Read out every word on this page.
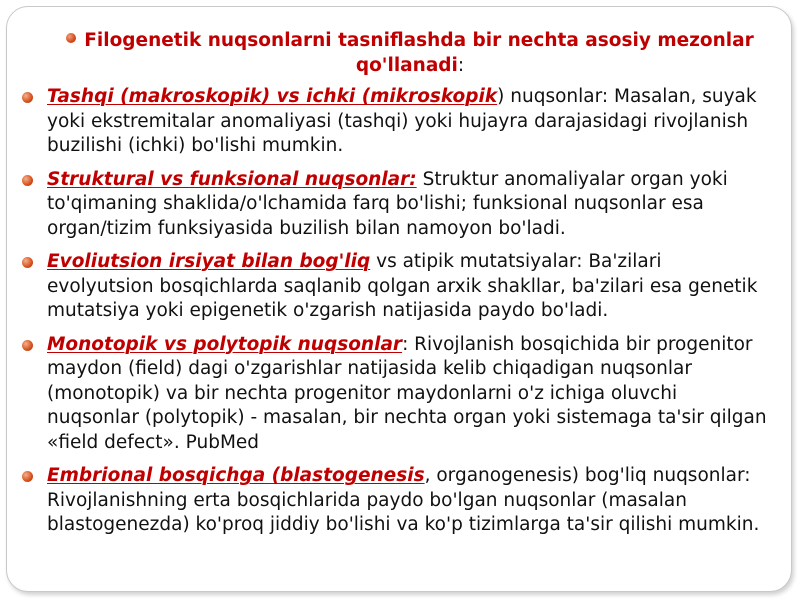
Filogenetik nuqsonlarni tasniflashda bir nechta asosiy mezonlar qo'llanadi:
Tashqi (makroskopik) vs ichki (mikroskopik) nuqsonlar: Masalan, suyak yoki ekstremitalar anomaliyasi (tashqi) yoki hujayra darajasidagi rivojlanish buzilishi (ichki) bo'lishi mumkin.
Struktural vs funksional nuqsonlar: Struktur anomaliyalar organ yoki to'qimaning shaklida/o'lchamida farq bo'lishi; funksional nuqsonlar esa organ/tizim funksiyasida buzilish bilan namoyon bo'ladi.
Evoliutsion irsiyat bilan bog'liq vs atipik mutatsiyalar: Ba'zilari evolyutsion bosqichlarda saqlanib qolgan arxik shakllar, ba'zilari esa genetik mutatsiya yoki epigenetik o'zgarish natijasida paydo bo'ladi.
Monotopik vs polytopik nuqsonlar: Rivojlanish bosqichida bir progenitor maydon (field) dagi o'zgarishlar natijasida kelib chiqadigan nuqsonlar (monotopik) va bir nechta progenitor maydonlarni o'z ichiga oluvchi nuqsonlar (polytopik) - masalan, bir nechta organ yoki sistemaga ta'sir qilgan «field defect». PubMed
Embrional bosqichga (blastogenesis, organogenesis) bog'liq nuqsonlar: Rivojlanishning erta bosqichlarida paydo bo'lgan nuqsonlar (masalan blastogenezda) ko'proq jiddiy bo'lishi va ko'p tizimlarga ta'sir qilishi mumkin.
